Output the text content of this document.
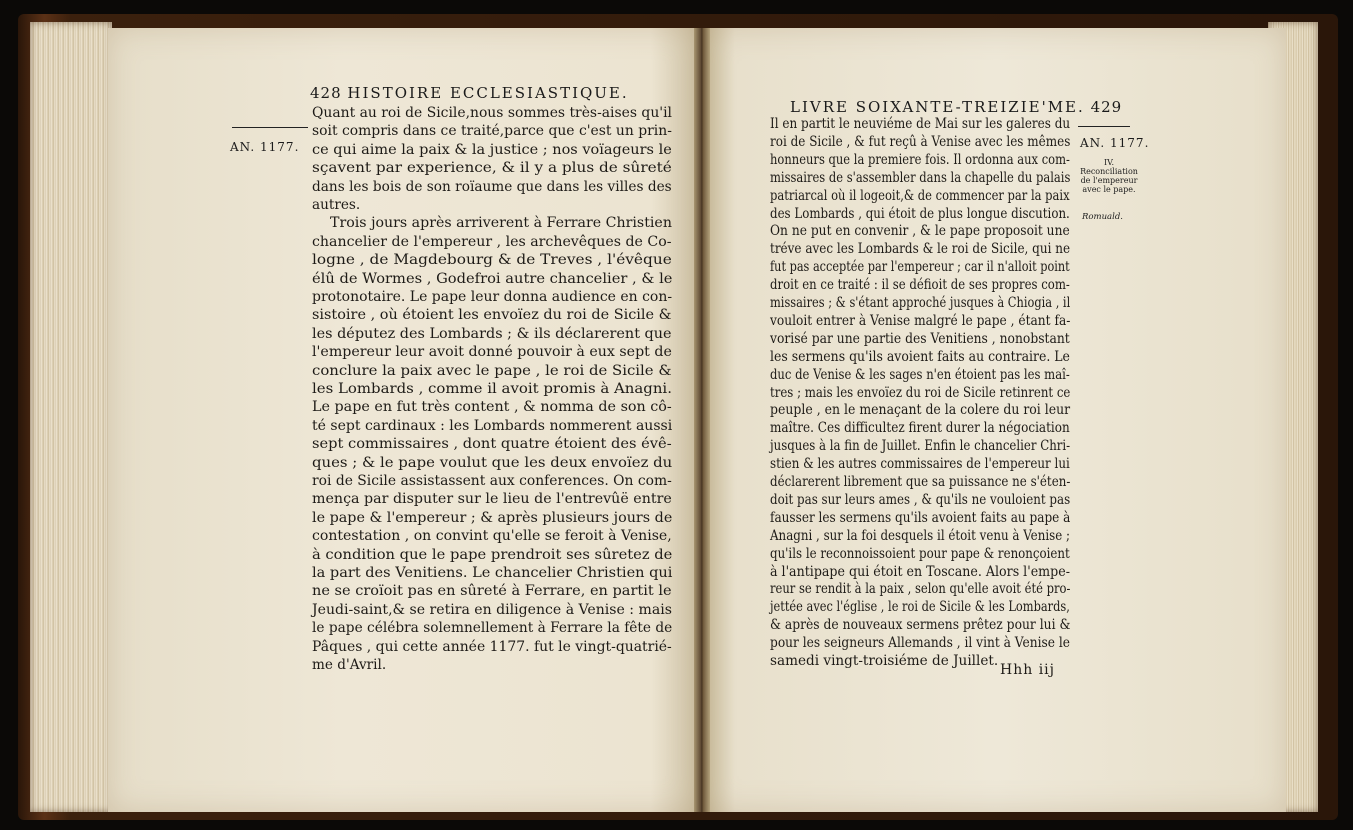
428 HISTOIRE ECCLESIASTIQUE.
AN. 1177.
Quant au roi de Sicile,nous sommes très-aises qu'il
soit compris dans ce traité,parce que c'est un prin-
ce qui aime la paix & la justice ; nos voïageurs le
sçavent par experience, & il y a plus de sûreté
dans les bois de son roïaume que dans les villes des
autres.
Trois jours après arriverent à Ferrare Christien
chancelier de l'empereur , les archevêques de Co-
logne , de Magdebourg & de Treves , l'évêque
élû de Wormes , Godefroi autre chancelier , & le
protonotaire. Le pape leur donna audience en con-
sistoire , où étoient les envoïez du roi de Sicile &
les députez des Lombards ; & ils déclarerent que
l'empereur leur avoit donné pouvoir à eux sept de
conclure la paix avec le pape , le roi de Sicile &
les Lombards , comme il avoit promis à Anagni.
Le pape en fut très content , & nomma de son cô-
té sept cardinaux : les Lombards nommerent aussi
sept commissaires , dont quatre étoient des évê-
ques ; & le pape voulut que les deux envoïez du
roi de Sicile assistassent aux conferences. On com-
mença par disputer sur le lieu de l'entrevûë entre
le pape & l'empereur ; & après plusieurs jours de
contestation , on convint qu'elle se feroit à Venise,
à condition que le pape prendroit ses sûretez de
la part des Venitiens. Le chancelier Christien qui
ne se croïoit pas en sûreté à Ferrare, en partit le
Jeudi-saint,& se retira en diligence à Venise : mais
le pape célébra solemnellement à Ferrare la fête de
Pâques , qui cette année 1177. fut le vingt-quatrié-
me d'Avril.
LIVRE SOIXANTE-TREIZIE'ME. 429
AN. 1177.
IV.
Reconciliation
de l'empereur
avec le pape.
Romuald.
Il en partit le neuviéme de Mai sur les galeres du
roi de Sicile , & fut reçû à Venise avec les mêmes
honneurs que la premiere fois. Il ordonna aux com-
missaires de s'assembler dans la chapelle du palais
patriarcal où il logeoit,& de commencer par la paix
des Lombards , qui étoit de plus longue discution.
On ne put en convenir , & le pape proposoit une
tréve avec les Lombards & le roi de Sicile, qui ne
fut pas acceptée par l'empereur ; car il n'alloit point
droit en ce traité : il se défioit de ses propres com-
missaires ; & s'étant approché jusques à Chiogia , il
vouloit entrer à Venise malgré le pape , étant fa-
vorisé par une partie des Venitiens , nonobstant
les sermens qu'ils avoient faits au contraire. Le
duc de Venise & les sages n'en étoient pas les maî-
tres ; mais les envoïez du roi de Sicile retinrent ce
peuple , en le menaçant de la colere du roi leur
maître. Ces difficultez firent durer la négociation
jusques à la fin de Juillet. Enfin le chancelier Chri-
stien & les autres commissaires de l'empereur lui
déclarerent librement que sa puissance ne s'éten-
doit pas sur leurs ames , & qu'ils ne vouloient pas
fausser les sermens qu'ils avoient faits au pape à
Anagni , sur la foi desquels il étoit venu à Venise ;
qu'ils le reconnoissoient pour pape & renonçoient
à l'antipape qui étoit en Toscane. Alors l'empe-
reur se rendit à la paix , selon qu'elle avoit été pro-
jettée avec l'église , le roi de Sicile & les Lombards,
& après de nouveaux sermens prêtez pour lui &
pour les seigneurs Allemands , il vint à Venise le
samedi vingt-troisiéme de Juillet.
Hhh iij
